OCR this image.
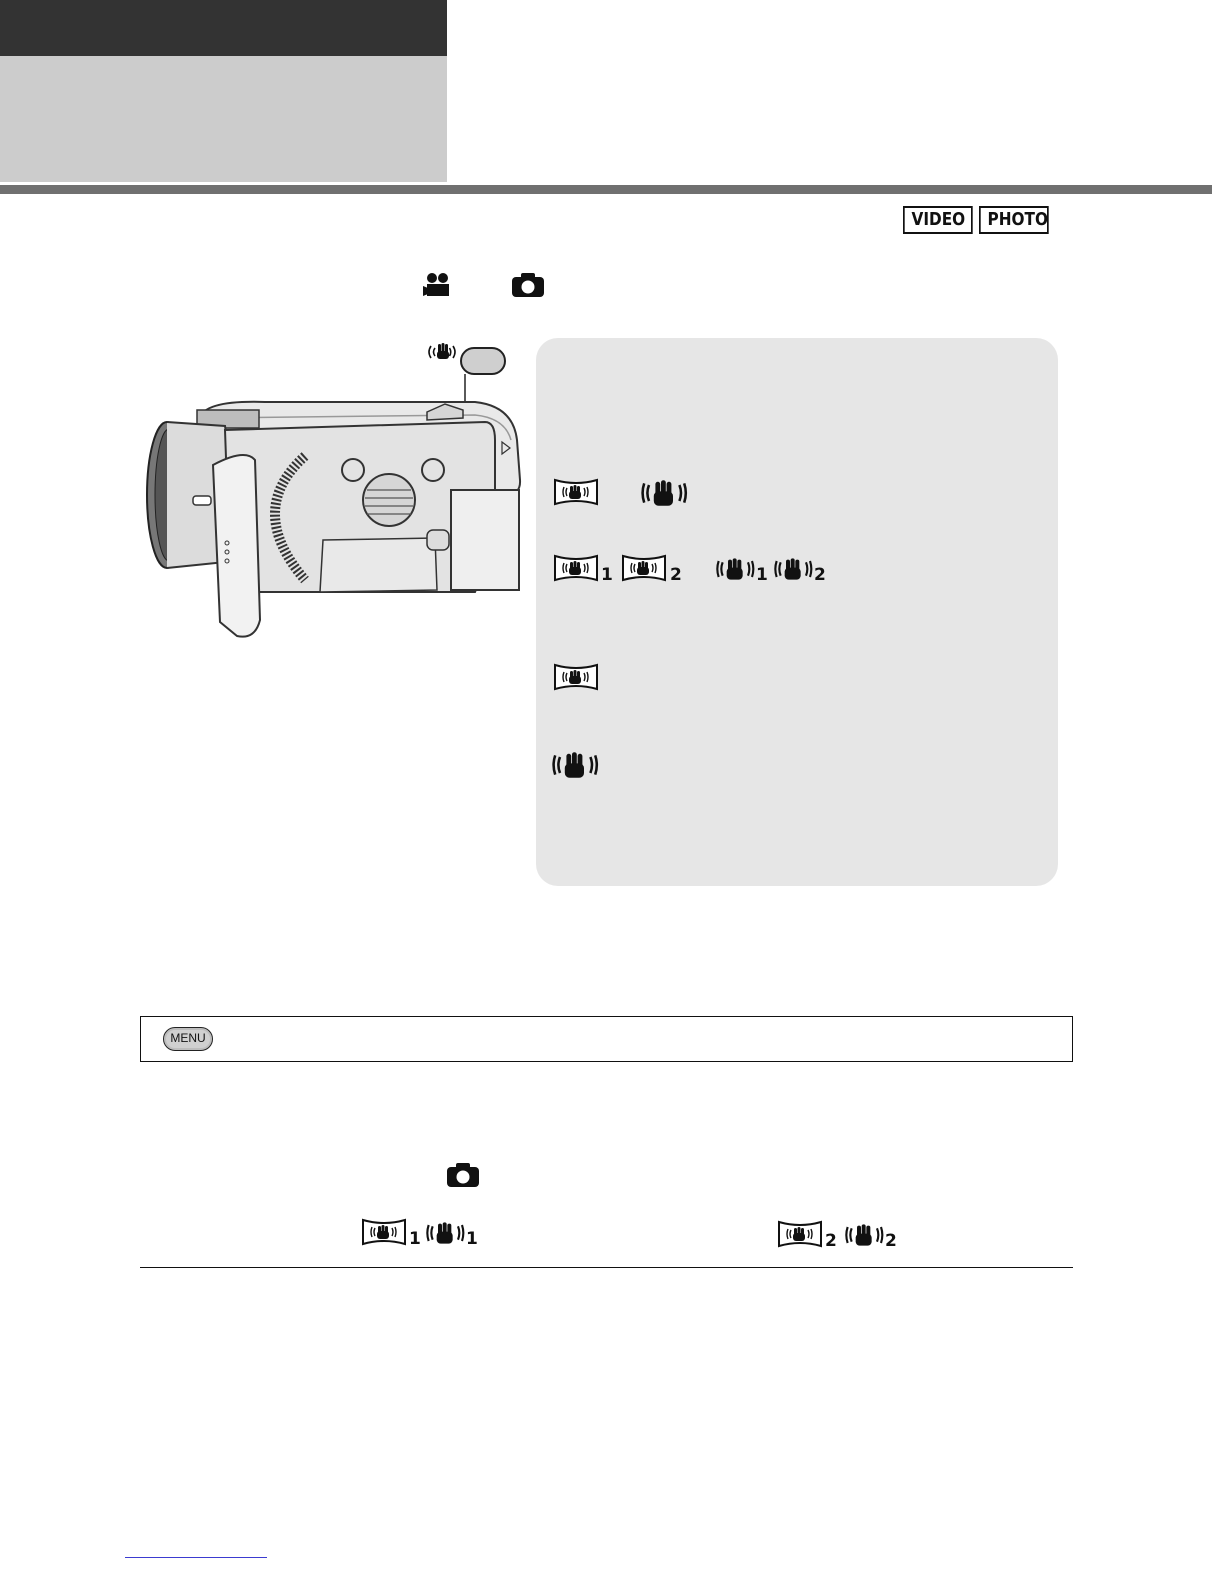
VIDEO	PHOTO
1	2	1	2
MENU
1	1	2	2
